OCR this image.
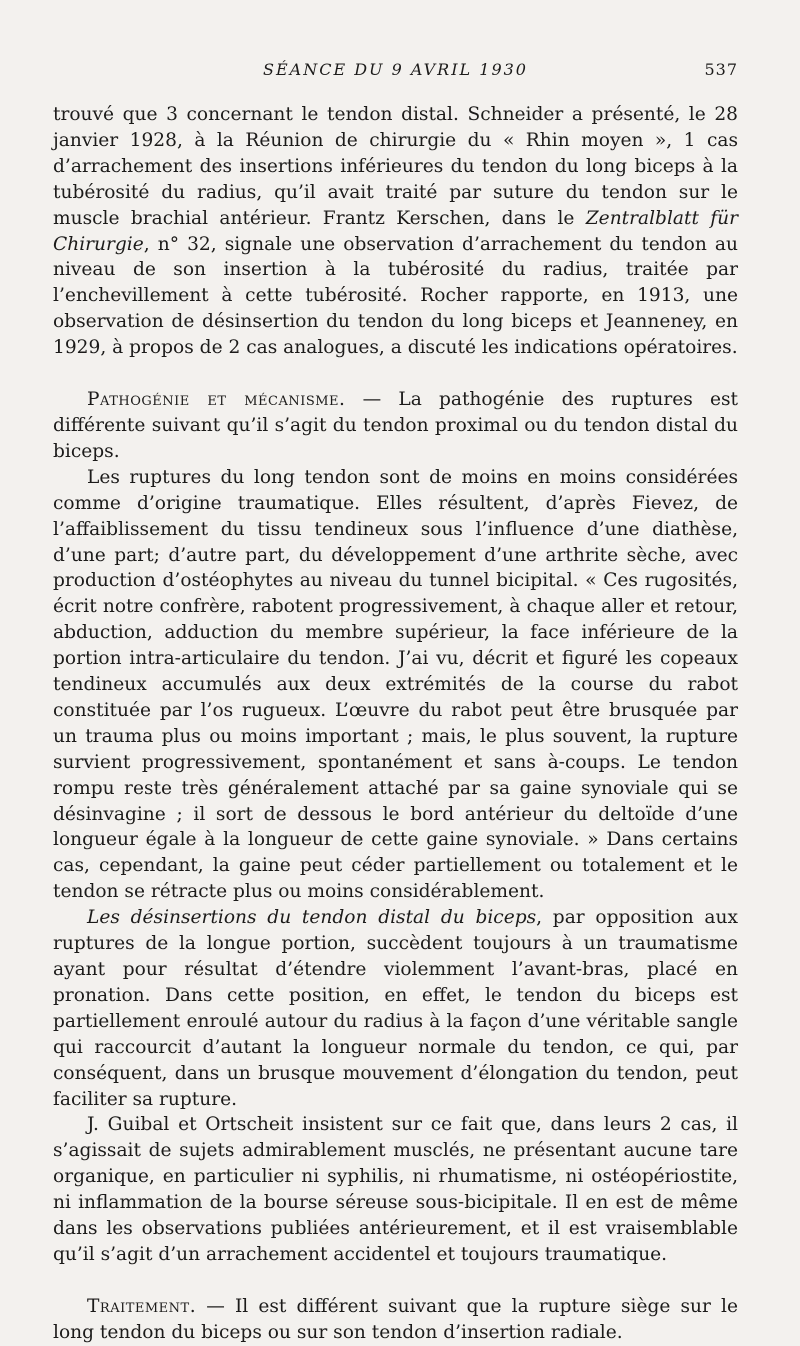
SÉANCE DU 9 AVRIL 1930	537

trouvé que 3 concernant le tendon distal. Schneider a présenté, le 28 janvier 1928, à la Réunion de chirurgie du « Rhin moyen », 1 cas d’arrachement des insertions inférieures du tendon du long biceps à la tubérosité du radius, qu’il avait traité par suture du tendon sur le muscle brachial antérieur. Frantz Kerschen, dans le Zentralblatt für Chirurgie, n° 32, signale une observation d’arrachement du tendon au niveau de son insertion à la tubérosité du radius, traitée par l’enchevillement à cette tubérosité. Rocher rapporte, en 1913, une observation de désinsertion du tendon du long biceps et Jeanneney, en 1929, à propos de 2 cas analogues, a discuté les indications opératoires.

Pathogénie et mécanisme. — La pathogénie des ruptures est différente suivant qu’il s’agit du tendon proximal ou du tendon distal du biceps.

Les ruptures du long tendon sont de moins en moins considérées comme d’origine traumatique. Elles résultent, d’après Fievez, de l’affaiblissement du tissu tendineux sous l’influence d’une diathèse, d’une part; d’autre part, du développement d’une arthrite sèche, avec production d’ostéophytes au niveau du tunnel bicipital. « Ces rugosités, écrit notre confrère, rabotent progressivement, à chaque aller et retour, abduction, adduction du membre supérieur, la face inférieure de la portion intra-articulaire du tendon. J’ai vu, décrit et figuré les copeaux tendineux accumulés aux deux extrémités de la course du rabot constituée par l’os rugueux. L’œuvre du rabot peut être brusquée par un trauma plus ou moins important ; mais, le plus souvent, la rupture survient progressivement, spontanément et sans à-coups. Le tendon rompu reste très généralement attaché par sa gaine synoviale qui se désinvagine ; il sort de dessous le bord antérieur du deltoïde d’une longueur égale à la longueur de cette gaine synoviale. » Dans certains cas, cependant, la gaine peut céder partiellement ou totalement et le tendon se rétracte plus ou moins considérablement.

Les désinsertions du tendon distal du biceps, par opposition aux ruptures de la longue portion, succèdent toujours à un traumatisme ayant pour résultat d’étendre violemment l’avant-bras, placé en pronation. Dans cette position, en effet, le tendon du biceps est partiellement enroulé autour du radius à la façon d’une véritable sangle qui raccourcit d’autant la longueur normale du tendon, ce qui, par conséquent, dans un brusque mouvement d’élongation du tendon, peut faciliter sa rupture.

J. Guibal et Ortscheit insistent sur ce fait que, dans leurs 2 cas, il s’agissait de sujets admirablement musclés, ne présentant aucune tare organique, en particulier ni syphilis, ni rhumatisme, ni ostéopériostite, ni inflammation de la bourse séreuse sous-bicipitale. Il en est de même dans les observations publiées antérieurement, et il est vraisemblable qu’il s’agit d’un arrachement accidentel et toujours traumatique.

Traitement. — Il est différent suivant que la rupture siège sur le long tendon du biceps ou sur son tendon d’insertion radiale.
